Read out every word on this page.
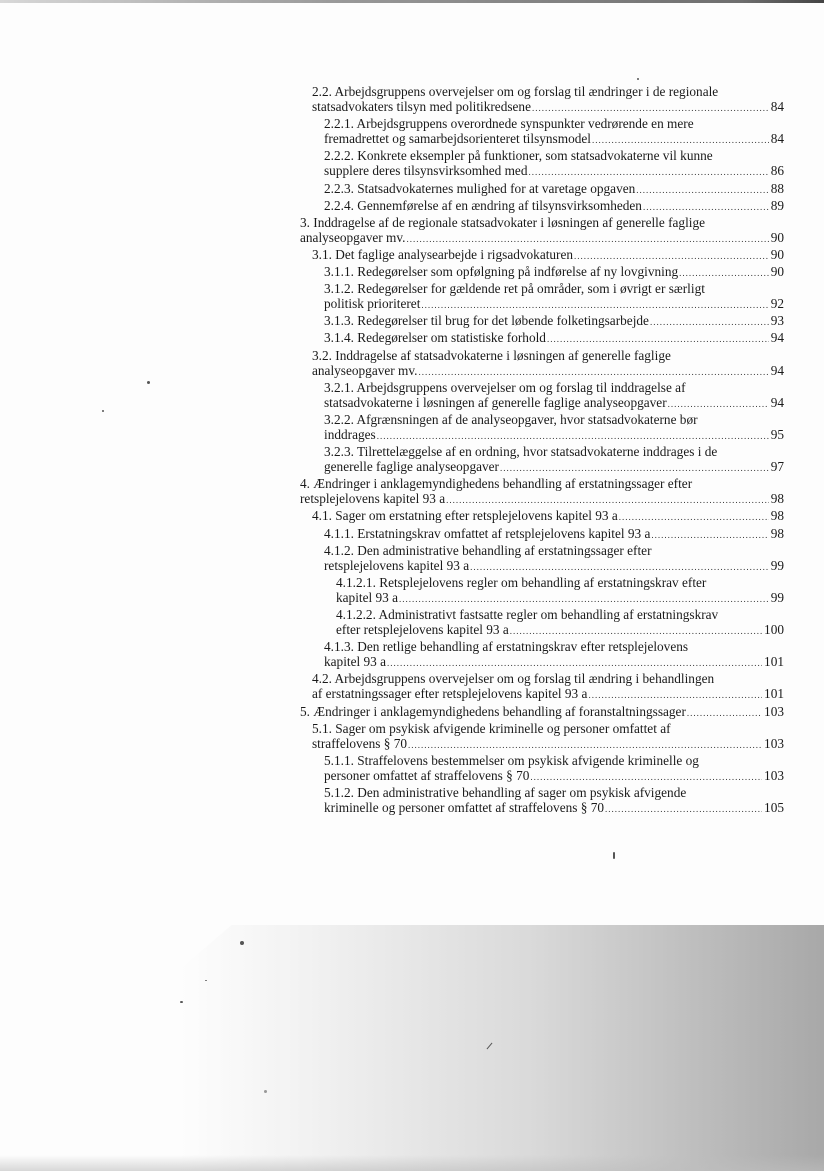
2.2. Arbejdsgruppens overvejelser om og forslag til ændringer i de regionale
statsadvokaters tilsyn med politikredsene .....	84
2.2.1. Arbejdsgruppens overordnede synspunkter vedrørende en mere
fremadrettet og samarbejdsorienteret tilsynsmodel .....	84
2.2.2. Konkrete eksempler på funktioner, som statsadvokaterne vil kunne
supplere deres tilsynsvirksomhed med .....	86
2.2.3. Statsadvokaternes mulighed for at varetage opgaven .....	88
2.2.4. Gennemførelse af en ændring af tilsynsvirksomheden .....	89
3. Inddragelse af de regionale statsadvokater i løsningen af generelle faglige
analyseopgaver mv. .....	90
3.1. Det faglige analysearbejde i rigsadvokaturen .....	90
3.1.1. Redegørelser som opfølgning på indførelse af ny lovgivning .....	90
3.1.2. Redegørelser for gældende ret på områder, som i øvrigt er særligt
politisk prioriteret .....	92
3.1.3. Redegørelser til brug for det løbende folketingsarbejde .....	93
3.1.4. Redegørelser om statistiske forhold .....	94
3.2. Inddragelse af statsadvokaterne i løsningen af generelle faglige
analyseopgaver mv. .....	94
3.2.1. Arbejdsgruppens overvejelser om og forslag til inddragelse af
statsadvokaterne i løsningen af generelle faglige analyseopgaver .....	94
3.2.2. Afgrænsningen af de analyseopgaver, hvor statsadvokaterne bør
inddrages .....	95
3.2.3. Tilrettelæggelse af en ordning, hvor statsadvokaterne inddrages i de
generelle faglige analyseopgaver .....	97
4. Ændringer i anklagemyndighedens behandling af erstatningssager efter
retsplejelovens kapitel 93 a .....	98
4.1. Sager om erstatning efter retsplejelovens kapitel 93 a .....	98
4.1.1. Erstatningskrav omfattet af retsplejelovens kapitel 93 a .....	98
4.1.2. Den administrative behandling af erstatningssager efter
retsplejelovens kapitel 93 a .....	99
4.1.2.1. Retsplejelovens regler om behandling af erstatningskrav efter
kapitel 93 a .....	99
4.1.2.2. Administrativt fastsatte regler om behandling af erstatningskrav
efter retsplejelovens kapitel 93 a .....	100
4.1.3. Den retlige behandling af erstatningskrav efter retsplejelovens
kapitel 93 a .....	101
4.2. Arbejdsgruppens overvejelser om og forslag til ændring i behandlingen
af erstatningssager efter retsplejelovens kapitel 93 a .....	101
5. Ændringer i anklagemyndighedens behandling af foranstaltningssager .....	103
5.1. Sager om psykisk afvigende kriminelle og personer omfattet af
straffelovens § 70 .....	103
5.1.1. Straffelovens bestemmelser om psykisk afvigende kriminelle og
personer omfattet af straffelovens § 70 .....	103
5.1.2. Den administrative behandling af sager om psykisk afvigende
kriminelle og personer omfattet af straffelovens § 70 .....	105
